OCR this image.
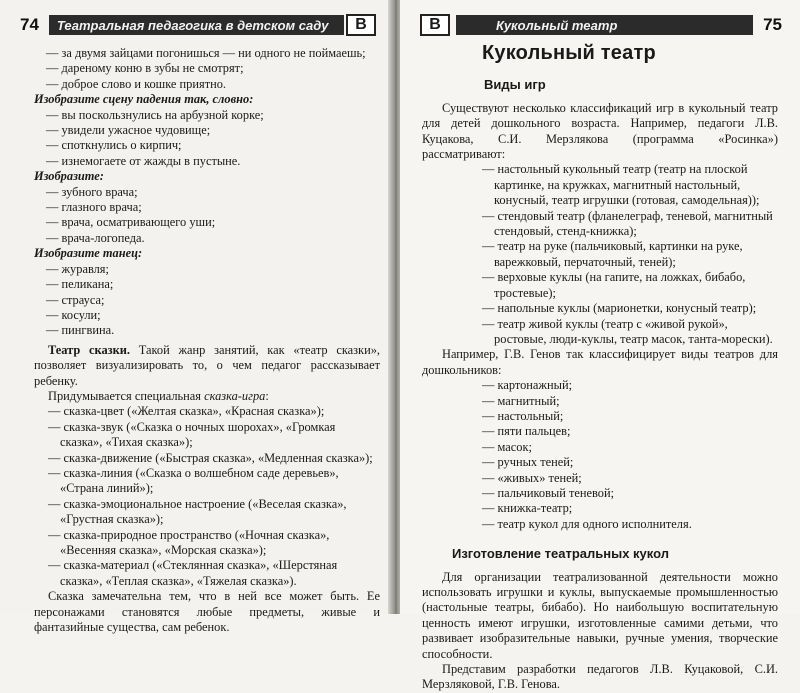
74	Театральная педагогика в детском саду	В

— за двумя зайцами погонишься — ни одного не поймаешь;

— дареному коню в зубы не смотрят;

— доброе слово и кошке приятно.

Изобразите сцену падения так, словно:

— вы поскользнулись на арбузной корке;

— увидели ужасное чудовище;

— споткнулись о кирпич;

— изнемогаете от жажды в пустыне.

Изобразите:

— зубного врача;

— глазного врача;

— врача, осматривающего уши;

— врача-логопеда.

Изобразите танец:

— журавля;

— пеликана;

— страуса;

— косули;

— пингвина.

Театр сказки. Такой жанр занятий, как «театр сказки», позволяет визуализировать то, о чем педагог рассказывает ребенку.

Придумывается специальная сказка-игра:

— сказка-цвет («Желтая сказка», «Красная сказка»);

— сказка-звук («Сказка о ночных шорохах», «Громкая сказка», «Тихая сказка»);

— сказка-движение («Быстрая сказка», «Медленная сказка»);

— сказка-линия («Сказка о волшебном саде деревьев», «Страна линий»);

— сказка-эмоциональное настроение («Веселая сказка», «Грустная сказка»);

— сказка-природное пространство («Ночная сказка», «Весенняя сказка», «Морская сказка»);

— сказка-материал («Стеклянная сказка», «Шерстяная сказка», «Теплая сказка», «Тяжелая сказка»).

Сказка замечательна тем, что в ней все может быть. Ее персонажами становятся любые предметы, живые и фантазийные существа, сам ребенок.

В	Кукольный театр	75
Кукольный театр
Виды игр

Существуют несколько классификаций игр в кукольный театр для детей дошкольного возраста. Например, педагоги Л.В. Куцакова, С.И. Мерзлякова (программа «Росинка») рассматривают:

— настольный кукольный театр (театр на плоской картинке, на кружках, магнитный настольный, конусный, театр игрушки (готовая, самодельная));

— стендовый театр (фланелеграф, теневой, магнитный стендовый, стенд-книжка);

— театр на руке (пальчиковый, картинки на руке, варежковый, перчаточный, теней);

— верховые куклы (на гапите, на ложках, бибабо, тростевые);

— напольные куклы (марионетки, конусный театр);

— театр живой куклы (театр с «живой рукой», ростовые, люди-куклы, театр масок, танта-морески).

Например, Г.В. Генов так классифицирует виды театров для дошкольников:

— картонажный;

— магнитный;

— настольный;

— пяти пальцев;

— масок;

— ручных теней;

— «живых» теней;

— пальчиковый теневой;

— книжка-театр;

— театр кукол для одного исполнителя.

Изготовление театральных кукол

Для организации театрализованной деятельности можно использовать игрушки и куклы, выпускаемые промышленностью (настольные театры, бибабо). Но наибольшую воспитательную ценность имеют игрушки, изготовленные самими детьми, что развивает изобразительные навыки, ручные умения, творческие способности.

Представим разработки педагогов Л.В. Куцаковой, С.И. Мерзляковой, Г.В. Генова.
